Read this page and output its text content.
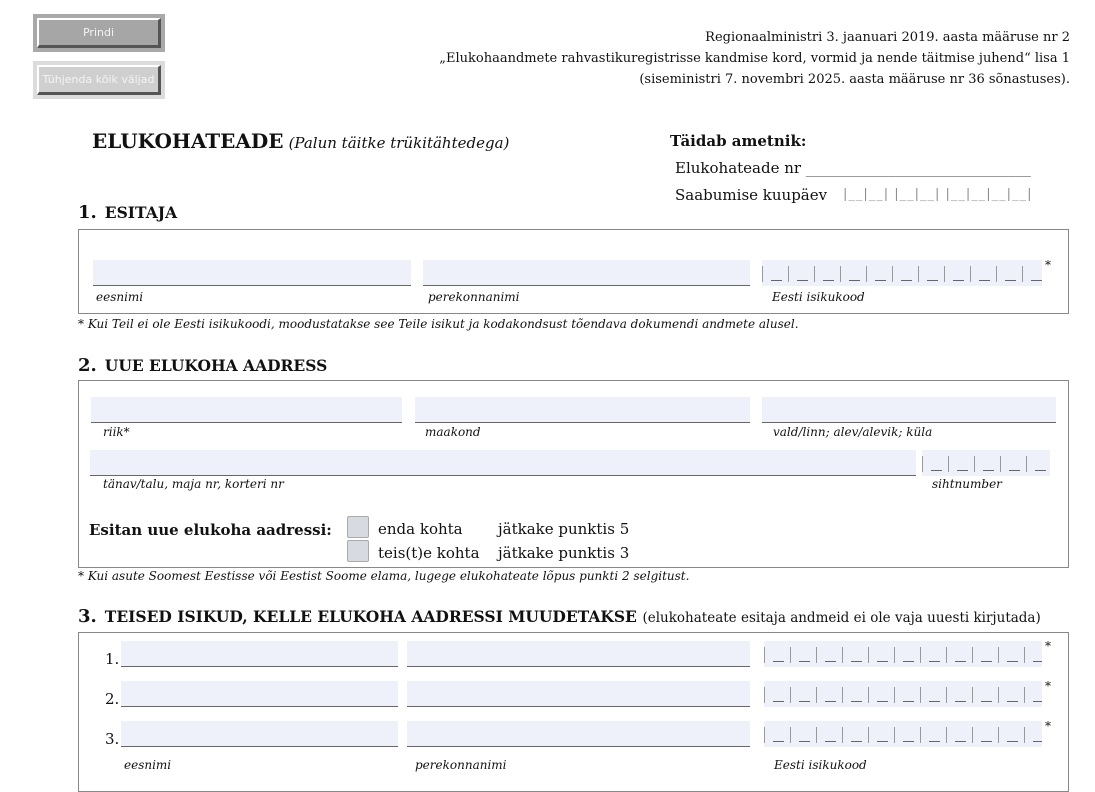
Prindi
Tühjenda kõik väljad
Regionaalministri 3. jaanuari 2019. aasta määruse nr 2
„Elukohaandmete rahvastikuregistrisse kandmise kord, vormid ja nende täitmise juhend“ lisa 1
(siseministri 7. novembri 2025. aasta määruse nr 36 sõnastuses).
ELUKOHATEADE (Palun täitke trükitähtedega)	Täidab ametnik:
Elukohateade nr ______________________________
Saabumise kuupäev |__|__| |__|__| |__|__|__|__|
1. ESITAJA
*
eesnimi	perekonnanimi	Eesti isikukood
* Kui Teil ei ole Eesti isikukoodi, moodustatakse see Teile isikut ja kodakondsust tõendava dokumendi andmete alusel.
2. UUE ELUKOHA AADRESS
riik*	maakond	vald/linn; alev/alevik; küla
tänav/talu, maja nr, korteri nr	sihtnumber
Esitan uue elukoha aadressi:	enda kohta jätkake punktis 5
teis(t)e kohta jätkake punktis 3
* Kui asute Soomest Eestisse või Eestist Soome elama, lugege elukohateate lõpus punkti 2 selgitust.
3. TEISED ISIKUD, KELLE ELUKOHA AADRESSI MUUDETAKSE (elukohateate esitaja andmeid ei ole vaja uuesti kirjutada)
1.
*
2.
*
3.
*
eesnimi	perekonnanimi	Eesti isikukood
